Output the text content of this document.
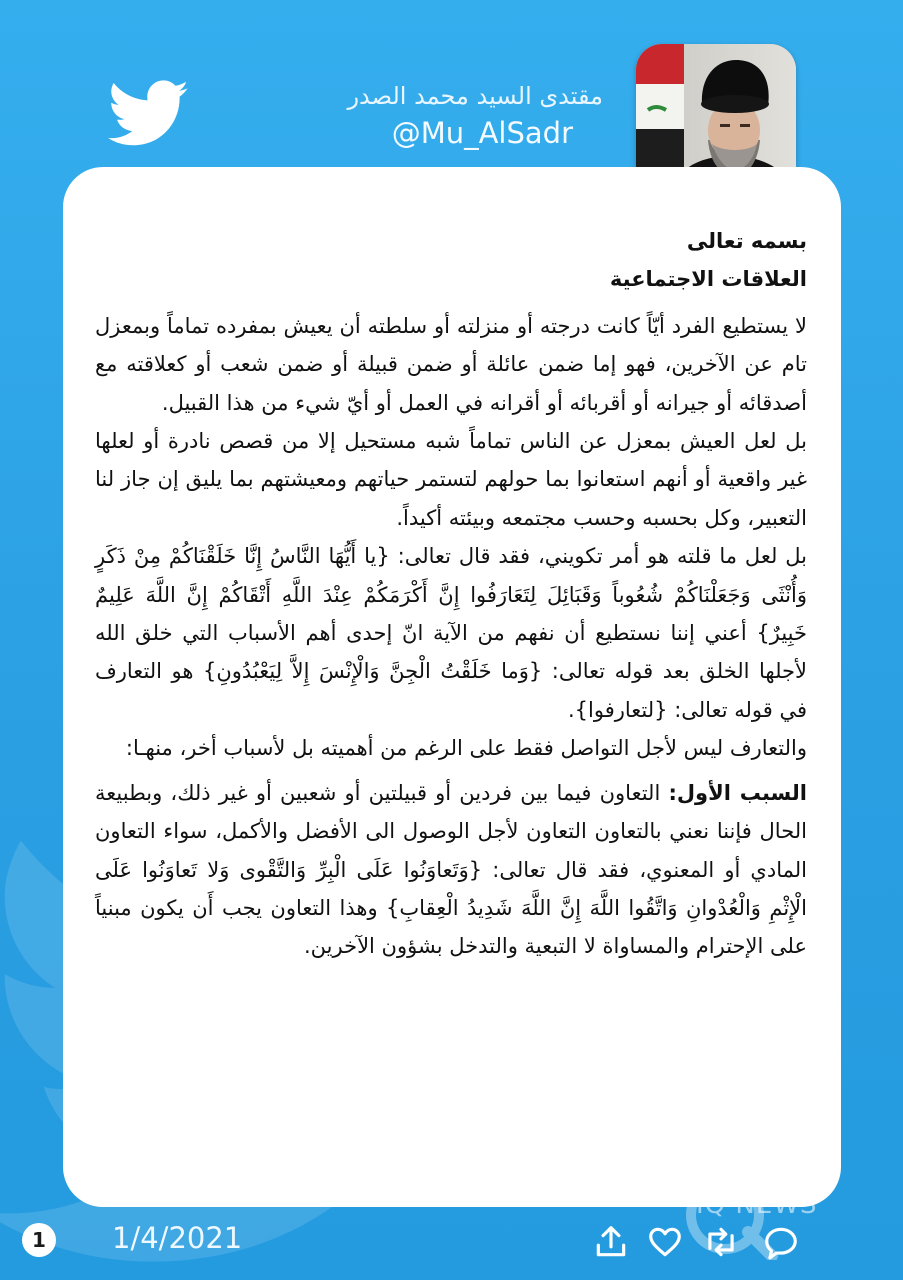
مقتدى السيد محمد الصدر
@Mu_AlSadr

بسمه تعالى

العلاقات الاجتماعية

لا يستطيع الفرد أيّاً كانت درجته أو منزلته أو سلطته أن يعيش بمفرده تماماً وبمعزل تام عن الآخرين، فهو إما ضمن عائلة أو ضمن قبيلة أو ضمن شعب أو كعلاقته مع أصدقائه أو جيرانه أو أقربائه أو أقرانه في العمل أو أيّ شيء من هذا القبيل.

بل لعل العيش بمعزل عن الناس تماماً شبه مستحيل إلا من قصص نادرة أو لعلها غير واقعية أو أنهم استعانوا بما حولهم لتستمر حياتهم ومعيشتهم بما يليق إن جاز لنا التعبير، وكل بحسبه وحسب مجتمعه وبيئته أكيداً.

بل لعل ما قلته هو أمر تكويني، فقد قال تعالى: {يا أَيُّهَا النَّاسُ إِنَّا خَلَقْنَاكُمْ مِنْ ذَكَرٍ وَأُنْثَى وَجَعَلْنَاكُمْ شُعُوباً وَقَبَائِلَ لِتَعَارَفُوا إِنَّ أَكْرَمَكُمْ عِنْدَ اللَّهِ أَتْقَاكُمْ إِنَّ اللَّهَ عَلِيمٌ خَبِيرٌ} أعني إننا نستطيع أن نفهم من الآية انّ إحدى أهم الأسباب التي خلق الله لأجلها الخلق بعد قوله تعالى: {وَما خَلَقْتُ الْجِنَّ وَالْإِنْسَ إِلاَّ لِيَعْبُدُونِ} هو التعارف في قوله تعالى: {لتعارفوا}.

والتعارف ليس لأجل التواصل فقط على الرغم من أهميته بل لأسباب أخر، منهـا:

السبب الأول: التعاون فيما بين فردين أو قبيلتين أو شعبين أو غير ذلك، وبطبيعة الحال فإننا نعني بالتعاون التعاون لأجل الوصول الى الأفضل والأكمل، سواء التعاون المادي أو المعنوي، فقد قال تعالى: {وَتَعاوَنُوا عَلَى الْبِرِّ وَالتَّقْوى وَلا تَعاوَنُوا عَلَى الْإِثْمِ وَالْعُدْوانِ وَاتَّقُوا اللَّهَ إِنَّ اللَّهَ شَدِيدُ الْعِقابِ} وهذا التعاون يجب أَن يكون مبنياً على الإحترام والمساواة لا التبعية والتدخل بشؤون الآخرين.

IQ NEWS
1	1/4/2021
